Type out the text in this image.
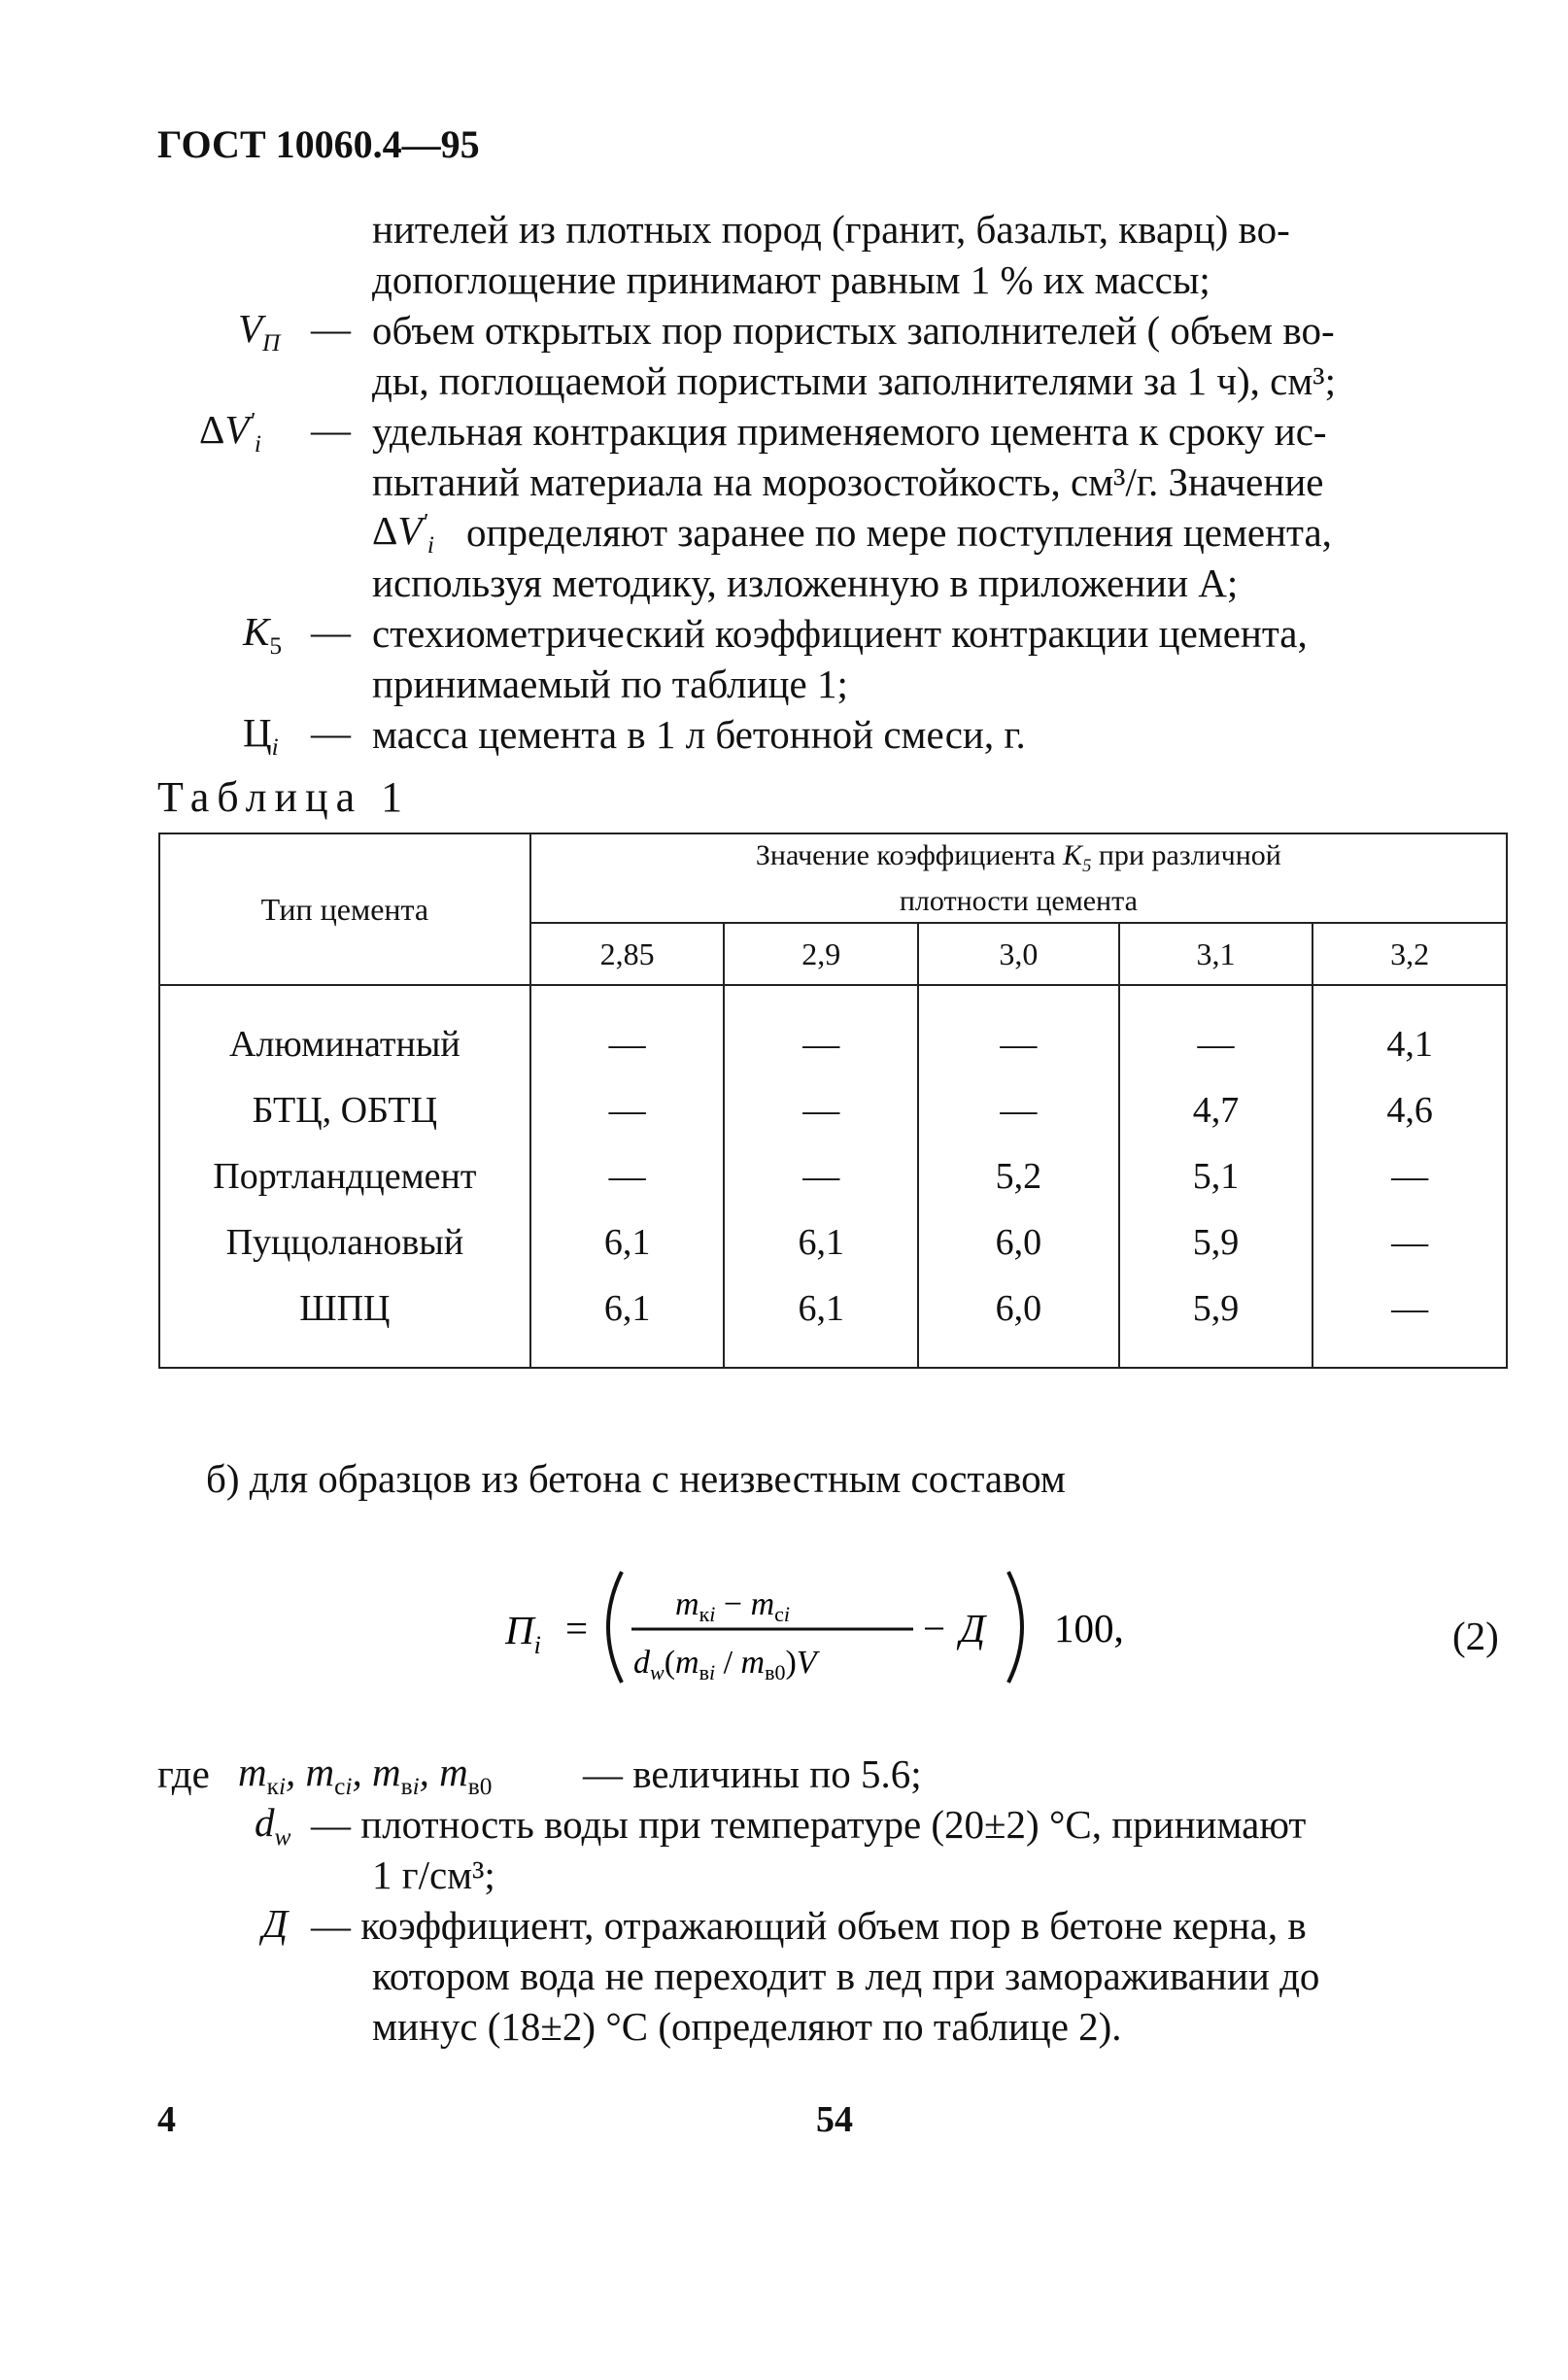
ГОСТ 10060.4—95
нителей из плотных пород (гранит, базальт, кварц) во-
допоглощение принимают равным 1 % их массы;
$V_П$ — объем открытых пор пористых заполнителей ( объем во-
ды, поглощаемой пористыми заполнителями за 1 ч), см³;
$\Delta V'_i$ — удельная контракция применяемого цемента к сроку ис-
пытаний материала на морозостойкость, см³/г. Значение
$\Delta V'_i$ определяют заранее по мере поступления цемента,
используя методику, изложенную в приложении А;
$K_5$ — стехиометрический коэффициент контракции цемента,
принимаемый по таблице 1;
$Ц_i$ — масса цемента в 1 л бетонной смеси, г.
Таблица 1
Тип цемента	Значение коэффициента $K_5$ при различной
плотности цемента				
	2,85	2,9	3,0	3,1	3,2
Алюминатный	—	—	—	—	4,1
БТЦ, ОБТЦ	—	—	—	4,7	4,6
Портландцемент	—	—	5,2	5,1	—
Пуццолановый	6,1	6,1	6,0	5,9	—
ШПЦ	6,1	6,1	6,0	5,9	—
б) для образцов из бетона с неизвестным составом
$П_i$ =
$m_кi - m_сi$
$d_w(m_вi / m_{в0})V$
− Д 100,	(2)
где $m_{кi}$, $m_{сi}$, $m_{вi}$, $m_{в0}$ — величины по 5.6;
$d_w$ — плотность воды при температуре (20±2) °C, принимают
1 г/см³;
Д — коэффициент, отражающий объем пор в бетоне керна, в
котором вода не переходит в лед при замораживании до
минус (18±2) °C (определяют по таблице 2).
4	54
